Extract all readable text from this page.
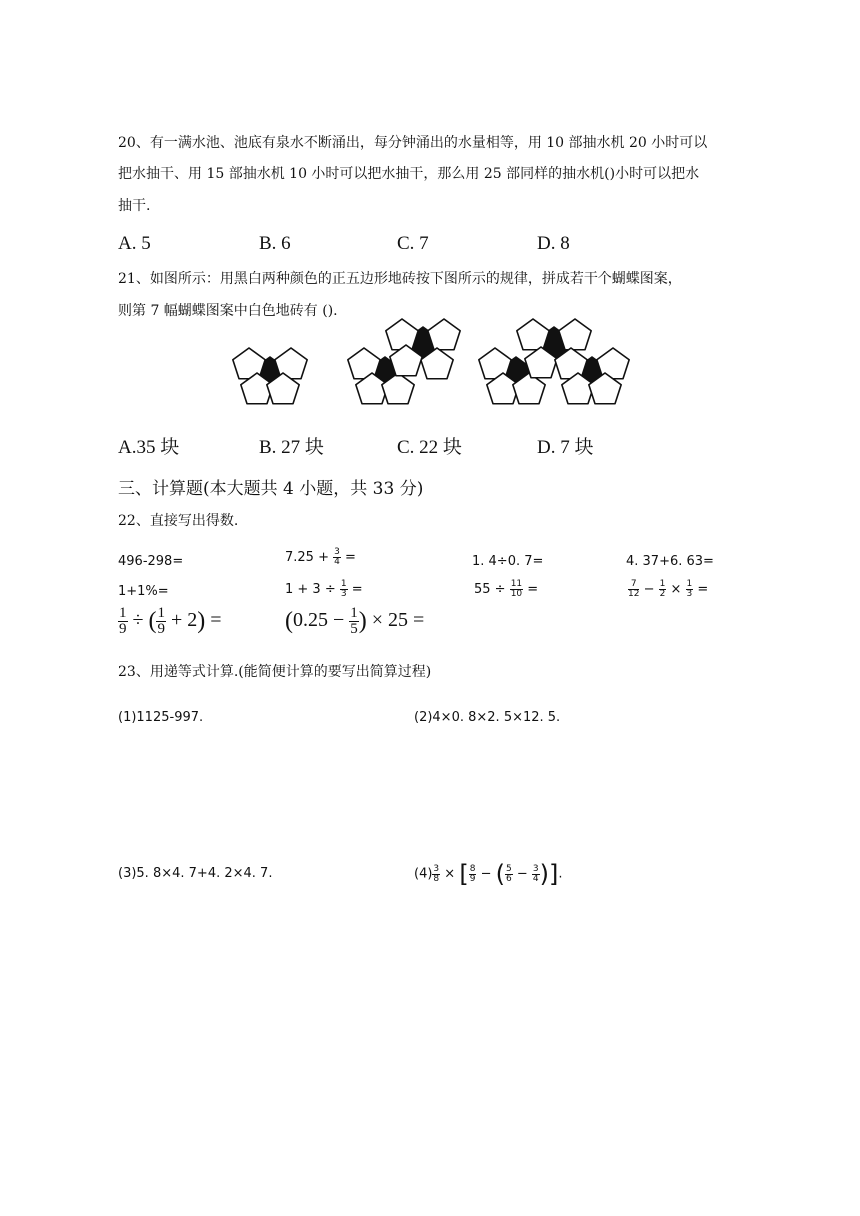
20、有一满水池、池底有泉水不断涌出，每分钟涌出的水量相等，用 10 部抽水机 20 小时可以
把水抽干、用 15 部抽水机 10 小时可以把水抽干，那么用 25 部同样的抽水机()小时可以把水
抽干.
A. 5	B. 6	C. 7	D. 8
21、如图所示：用黑白两种颜色的正五边形地砖按下图所示的规律，拼成若干个蝴蝶图案，
则第 7 幅蝴蝶图案中白色地砖有 ().
A.35 块	B. 27 块	C. 22 块	D. 7 块
三、计算题(本大题共 4 小题，共 33 分)
22、直接写出得数.
496-298=	$7.25 + \frac{3}{4}$ =	1. 4÷0. 7=	4. 37+6. 63=
1+1%=	$1 + 3 \div \frac{1}{3}$ =	$55 \div \frac{11}{10}$ =	$\frac{7}{12} - \frac{1}{2} \times \frac{1}{3}$ =
$\frac{1}{9}$ ÷ ( $\frac{1}{9} + 2$) =	($0.25 - \frac{1}{5}$ ) × 25 =
23、用递等式计算.(能简便计算的要写出简算过程)
(1)1125-997.	(2)4×0. 8×2. 5×12. 5.
(3)5. 8×4. 7+4. 2×4. 7.	$(4) \frac{3}{8}$ × [ $\frac{8}{9}$ − ( $\frac{5}{6} - \frac{3}{4}$ )].
